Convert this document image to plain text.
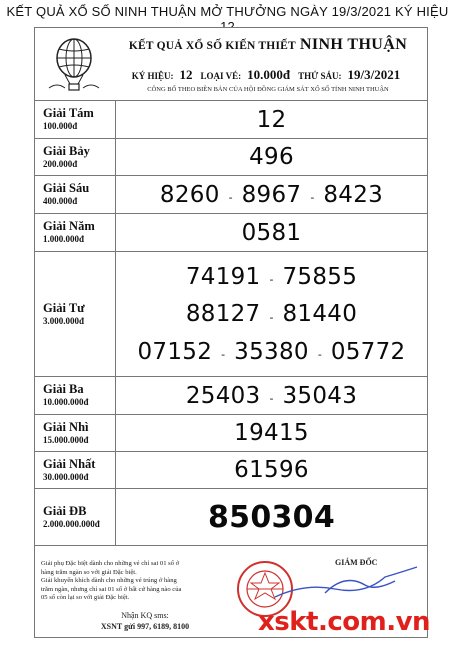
KẾT QUẢ XỔ SỐ NINH THUẬN MỞ THƯỞNG NGÀY 19/3/2021 KÝ HIỆU
KẾT QUẢ XỔ SỐ KIẾN THIẾT NINH THUẬN
KÝ HIỆU: 12 LOẠI VÉ: 10.000đ THỨ SÁU: 19/3/2021
CÔNG BỐ THEO BIÊN BẢN CỦA HỘI ĐỒNG GIÁM SÁT XỔ SỐ TỈNH NINH THUẬN
Giải Tám
100.000đ	12
Giải Bảy
200.000đ	496
Giải Sáu
400.000đ	8260 - 8967 - 8423
Giải Năm
1.000.000đ	0581
Giải Tư
3.000.000đ
74191 - 75855
88127 - 81440
07152 - 35380 - 05772
Giải Ba
10.000.000đ	25403 - 35043
Giải Nhì
15.000.000đ	19415
Giải Nhất
30.000.000đ	61596
Giải ĐB
2.000.000.000đ	850304
Giải phụ Đặc biệt dành cho những vé chỉ sai 01 số ở
hàng trăm ngàn so với giải Đặc biệt.
Giải khuyến khích dành cho những vé trúng ở hàng
trăm ngàn, nhưng chỉ sai 01 số ở bất cứ hàng nào của
05 số còn lại so với giải Đặc biệt.
Nhận KQ sms:
XSNT gửi 997, 6189, 8100
GIÁM ĐỐC
xskt.com.vn
